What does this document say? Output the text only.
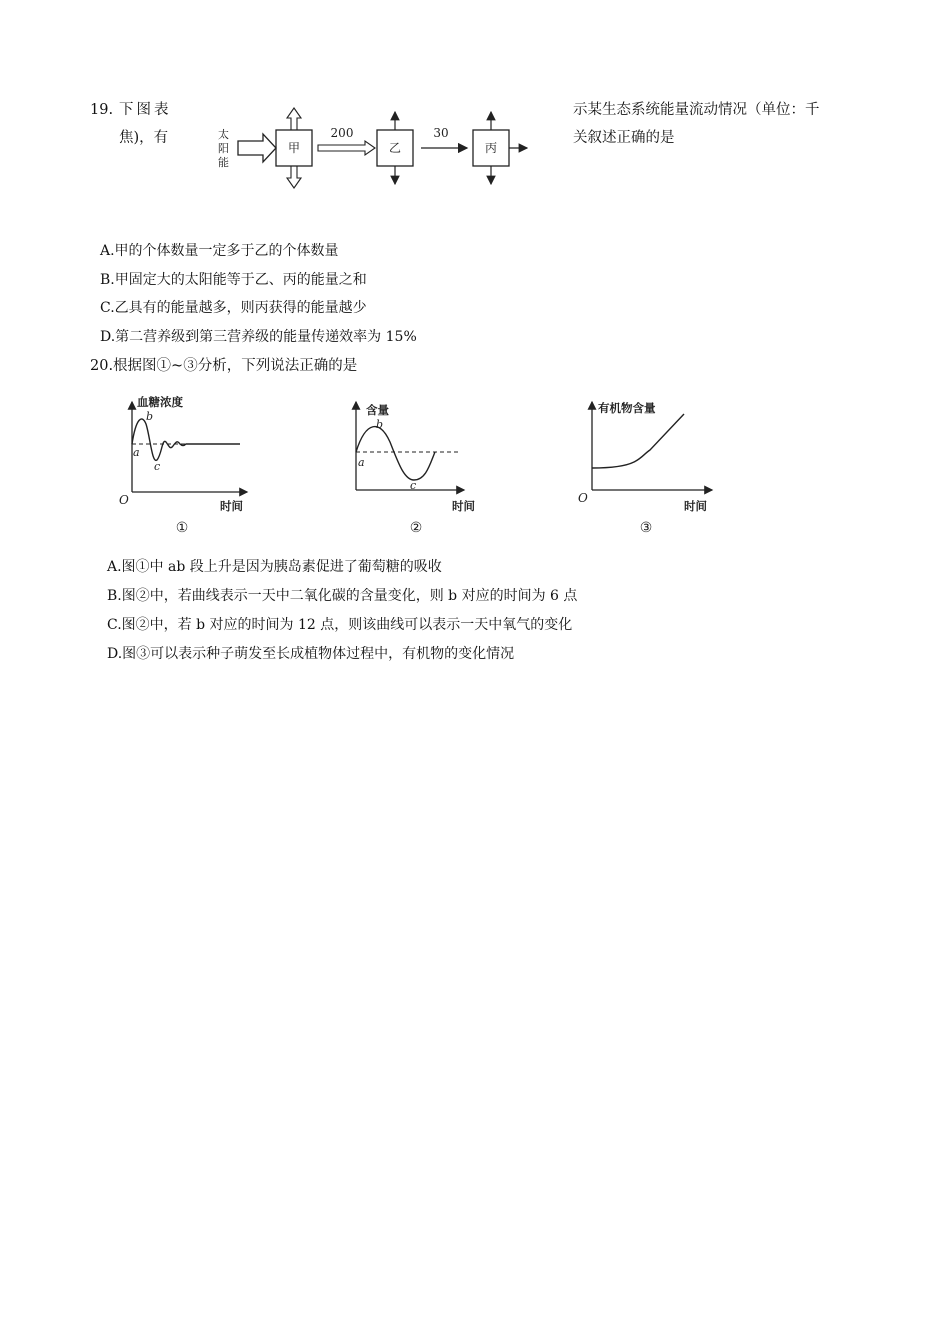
19. 下图表
焦)，有
示某生态系统能量流动情况（单位：千
关叙述正确的是
太
阳
能
甲
200
乙
30
丙
A.甲的个体数量一定多于乙的个体数量
B.甲固定大的太阳能等于乙、丙的能量之和
C.乙具有的能量越多，则丙获得的能量越少
D.第二营养级到第三营养级的能量传递效率为 15%
20.根据图①~③分析，下列说法正确的是
血糖浓度
a
b
c
O	时间
①
含量
a
b
c
时间
②
有机物含量
O
时间
③
A.图①中 ab 段上升是因为胰岛素促进了葡萄糖的吸收
B.图②中，若曲线表示一天中二氧化碳的含量变化，则 b 对应的时间为 6 点
C.图②中，若 b 对应的时间为 12 点，则该曲线可以表示一天中氧气的变化
D.图③可以表示种子萌发至长成植物体过程中，有机物的变化情况
